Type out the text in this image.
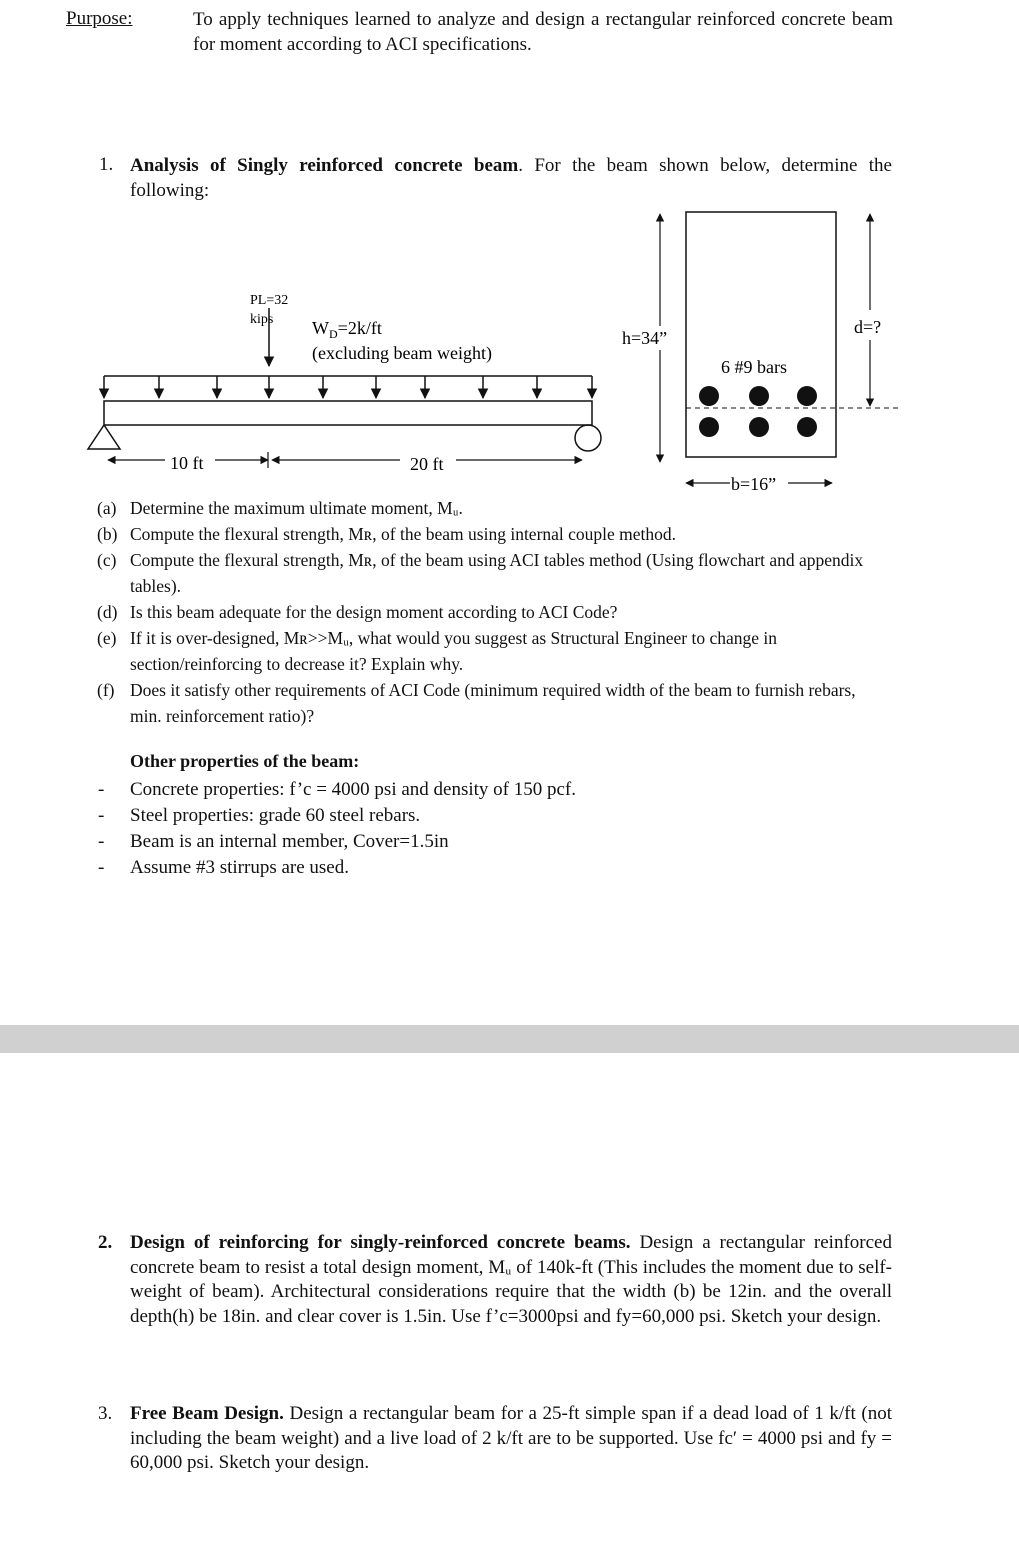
Purpose:	To apply techniques learned to analyze and design a rectangular reinforced concrete beam for moment according to ACI specifications.
1. Analysis of Singly reinforced concrete beam. For the beam shown below, determine the following:
PL=32
kips $W_D=2k/ft$
(excluding beam weight)
10 ft	20 ft
h=34”
6 #9 bars
d=?
b=16”
(a) Determine the maximum ultimate moment, Mᵤ.
(b) Compute the flexural strength, Mʀ, of the beam using internal couple method.
(c) Compute the flexural strength, Mʀ, of the beam using ACI tables method (Using flowchart and appendix tables).
(d) Is this beam adequate for the design moment according to ACI Code?
(e) If it is over-designed, Mʀ>>Mᵤ, what would you suggest as Structural Engineer to change in section/reinforcing to decrease it? Explain why.
(f) Does it satisfy other requirements of ACI Code (minimum required width of the beam to furnish rebars, min. reinforcement ratio)?
Other properties of the beam:
-	Concrete properties: f’c = 4000 psi and density of 150 pcf.
-	Steel properties: grade 60 steel rebars.
-	Beam is an internal member, Cover=1.5in
-	Assume #3 stirrups are used.
2. Design of reinforcing for singly-reinforced concrete beams. Design a rectangular reinforced concrete beam to resist a total design moment, Mᵤ of 140k-ft (This includes the moment due to self-weight of beam). Architectural considerations require that the width (b) be 12in. and the overall depth(h) be 18in. and clear cover is 1.5in. Use f’c=3000psi and fy=60,000 psi. Sketch your design.
3. Free Beam Design. Design a rectangular beam for a 25-ft simple span if a dead load of 1 k/ft (not including the beam weight) and a live load of 2 k/ft are to be supported. Use fc′ = 4000 psi and fy = 60,000 psi. Sketch your design.
